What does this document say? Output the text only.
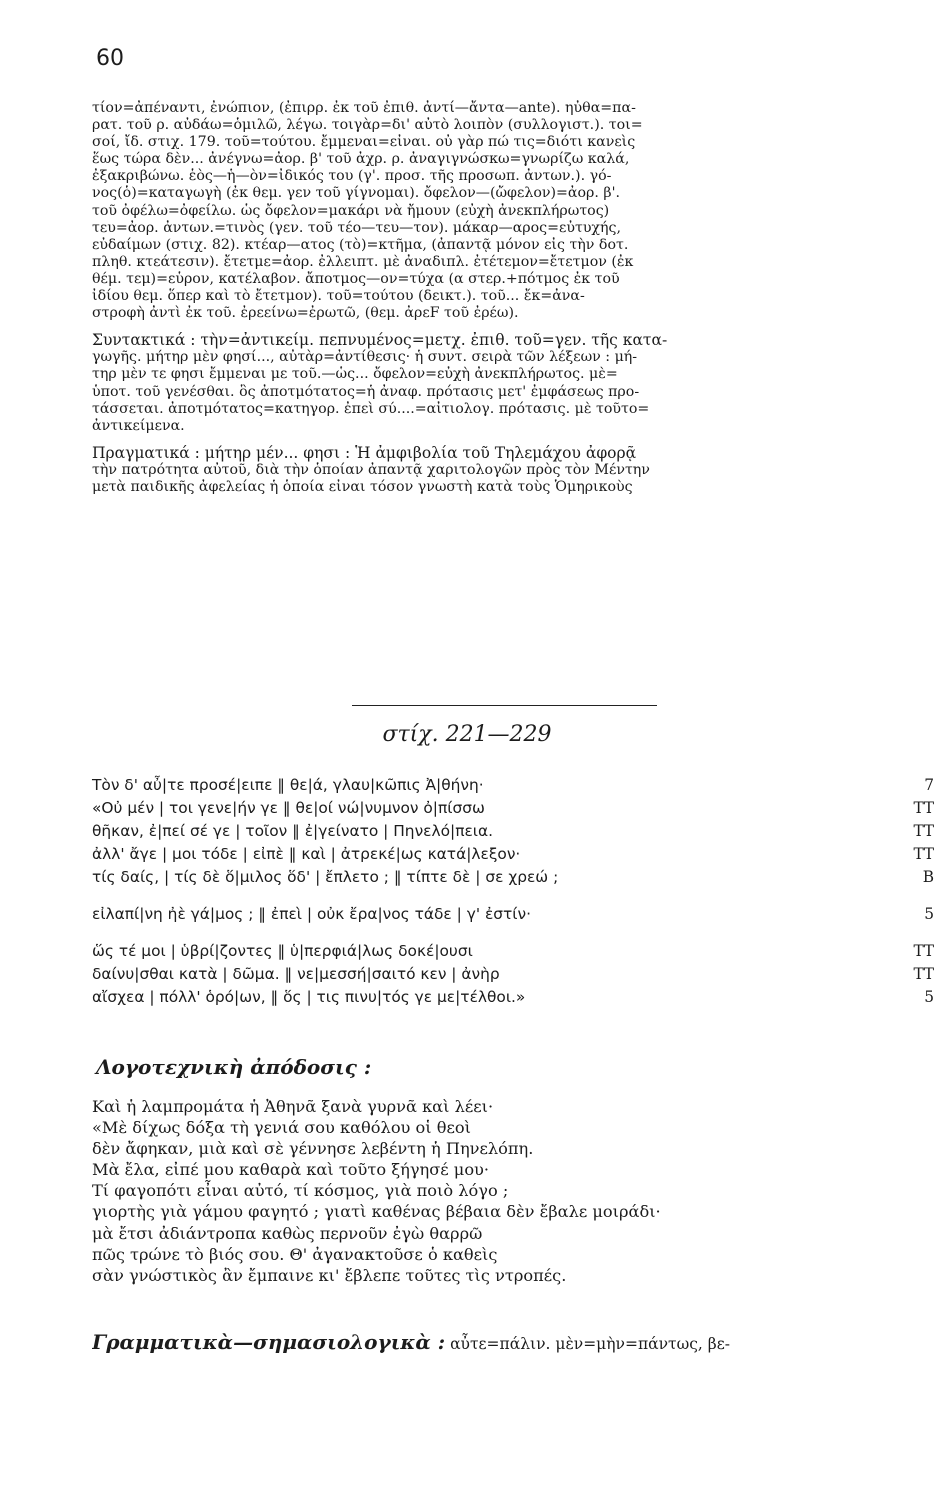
60
τίον=ἀπέναντι, ἐνώπιον, (ἐπιρρ. ἐκ τοῦ ἐπιθ. ἀντί—ἄντα—ante). ηὖθα=πα-
ρατ. τοῦ ρ. αὐδάω=ὁμιλῶ, λέγω. τοιγὰρ=δι' αὐτὸ λοιπὸν (συλλογιστ.). τοι=
σοί, ἴδ. στιχ. 179. τοῦ=τούτου. ἔμμεναι=εἶναι. οὐ γὰρ πώ τις=διότι κανεὶς
ἕως τώρα δὲν... ἀνέγνω=ἀορ. β' τοῦ ἀχρ. ρ. ἀναγιγνώσκω=γνωρίζω καλά,
ἐξακριβώνω. ἑὸς—ἡ—ὸν=ἰδικός του (γ'. προσ. τῆς προσωπ. ἀντων.). γό-
νος(ὁ)=καταγωγὴ (ἐκ θεμ. γεν τοῦ γίγνομαι). ὄφελον—(ὤφελον)=ἀορ. β'.
τοῦ ὀφέλω=ὀφείλω. ὡς ὄφελον=μακάρι νὰ ἤμουν (εὐχὴ ἀνεκπλήρωτος)
τευ=ἀορ. ἀντων.=τινὸς (γεν. τοῦ τέο—τευ—τον). μάκαρ—αρος=εὐτυχής,
εὐδαίμων (στιχ. 82). κτέαρ—ατος (τὸ)=κτῆμα, (ἀπαντᾷ μόνον εἰς τὴν δοτ.
πληθ. κτεάτεσιν). ἔτετμε=ἀορ. ἐλλειπτ. μὲ ἀναδιπλ. ἐτέτεμον=ἔτετμον (ἐκ
θέμ. τεμ)=εὗρον, κατέλαβον. ἄποτμος—ον=τύχα (α στερ.+πότμος ἐκ τοῦ
ἰδίου θεμ. ὅπερ καὶ τὸ ἔτετμον). τοῦ=τούτου (δεικτ.). τοῦ... ἔκ=ἀνα-
στροφὴ ἀντὶ ἐκ τοῦ. ἐρεείνω=ἐρωτῶ, (θεμ. ἀρεF τοῦ ἐρέω).
Συντακτικά : τὴν=ἀντικείμ. πεπνυμένος=μετχ. ἐπιθ. τοῦ=γεν. τῆς κατα-
γωγῆς. μήτηρ μὲν φησί..., αὐτὰρ=ἀντίθεσις· ἡ συντ. σειρὰ τῶν λέξεων : μή-
τηρ μὲν τε φησι ἔμμεναι με τοῦ.—ὡς... ὄφελον=εὐχὴ ἀνεκπλήρωτος. μὲ=
ὑποτ. τοῦ γενέσθαι. ὃς ἀποτμότατος=ἡ ἀναφ. πρότασις μετ' ἐμφάσεως προ-
τάσσεται. ἀποτμότατος=κατηγορ. ἐπεὶ σύ....=αἰτιολογ. πρότασις. μὲ τοῦτο=
ἀντικείμενα.
Πραγματικά : μήτηρ μέν... φησι : Ἡ ἀμφιβολία τοῦ Τηλεμάχου ἀφορᾷ
τὴν πατρότητα αὐτοῦ, διὰ τὴν ὁποίαν ἀπαντᾷ χαριτολογῶν πρὸς τὸν Μέντην
μετὰ παιδικῆς ἀφελείας ἡ ὁποία εἶναι τόσον γνωστὴ κατὰ τοὺς Ὁμηρικοὺς
στίχ. 221—229
Τὸν δ' αὖ|τε προσέ|ειπε ‖ θε|ά, γλαυ|κῶπις Ἀ|θήνη·	7
«Οὐ μέν | τοι γενε|ήν γε ‖ θε|οί νώ|νυμνον ὀ|πίσσω	ΤΤ
θῆκαν, ἐ|πεί σέ γε | τοῖον ‖ ἐ|γείνατο | Πηνελό|πεια.	ΤΤ
ἀλλ' ἄγε | μοι τόδε | εἰπὲ ‖ καὶ | ἀτρεκέ|ως κατά|λεξον·	ΤΤ
τίς δαίς, | τίς δὲ ὅ|μιλος ὅδ' | ἔπλετο ; ‖ τίπτε δὲ | σε χρεώ ;	Β
εἰλαπί|νη ἠὲ γά|μος ; ‖ ἐπεὶ | οὐκ ἔρα|νος τάδε | γ' ἐστίν·	5
ὥς τέ μοι | ὑβρί|ζοντες ‖ ὑ|περφιά|λως δοκέ|ουσι	ΤΤ
δαίνυ|σθαι κατὰ | δῶμα. ‖ νε|μεσσή|σαιτό κεν | ἀνὴρ	ΤΤ
αἴσχεα | πόλλ' ὁρό|ων, ‖ ὅς | τις πινυ|τός γε με|τέλθοι.»	5
Λογοτεχνικὴ ἀπόδοσις :
Καὶ ἡ λαμπρομάτα ἡ Ἀθηνᾶ ξανὰ γυρνᾶ καὶ λέει·
«Μὲ δίχως δόξα τὴ γενιά σου καθόλου οἱ θεοὶ
δὲν ἄφηκαν, μιὰ καὶ σὲ γέννησε λεβέντη ἡ Πηνελόπη.
Μὰ ἔλα, εἰπέ μου καθαρὰ καὶ τοῦτο ξήγησέ μου·
Τί φαγοπότι εἶναι αὐτό, τί κόσμος, γιὰ ποιὸ λόγο ;
γιορτὴς γιὰ γάμου φαγητό ; γιατὶ καθένας βέβαια δὲν ἔβαλε μοιράδι·
μὰ ἔτσι ἀδιάντροπα καθὼς περνοῦν ἐγὼ θαρρῶ
πῶς τρώνε τὸ βιός σου. Θ' ἀγανακτοῦσε ὁ καθεὶς
σὰν γνώστικὸς ἂν ἔμπαινε κι' ἔβλεπε τοῦτες τὶς ντροπές.
Γραμματικὰ—σημασιολογικὰ : αὖτε=πάλιν. μὲν=μὴν=πάντως, βε-
